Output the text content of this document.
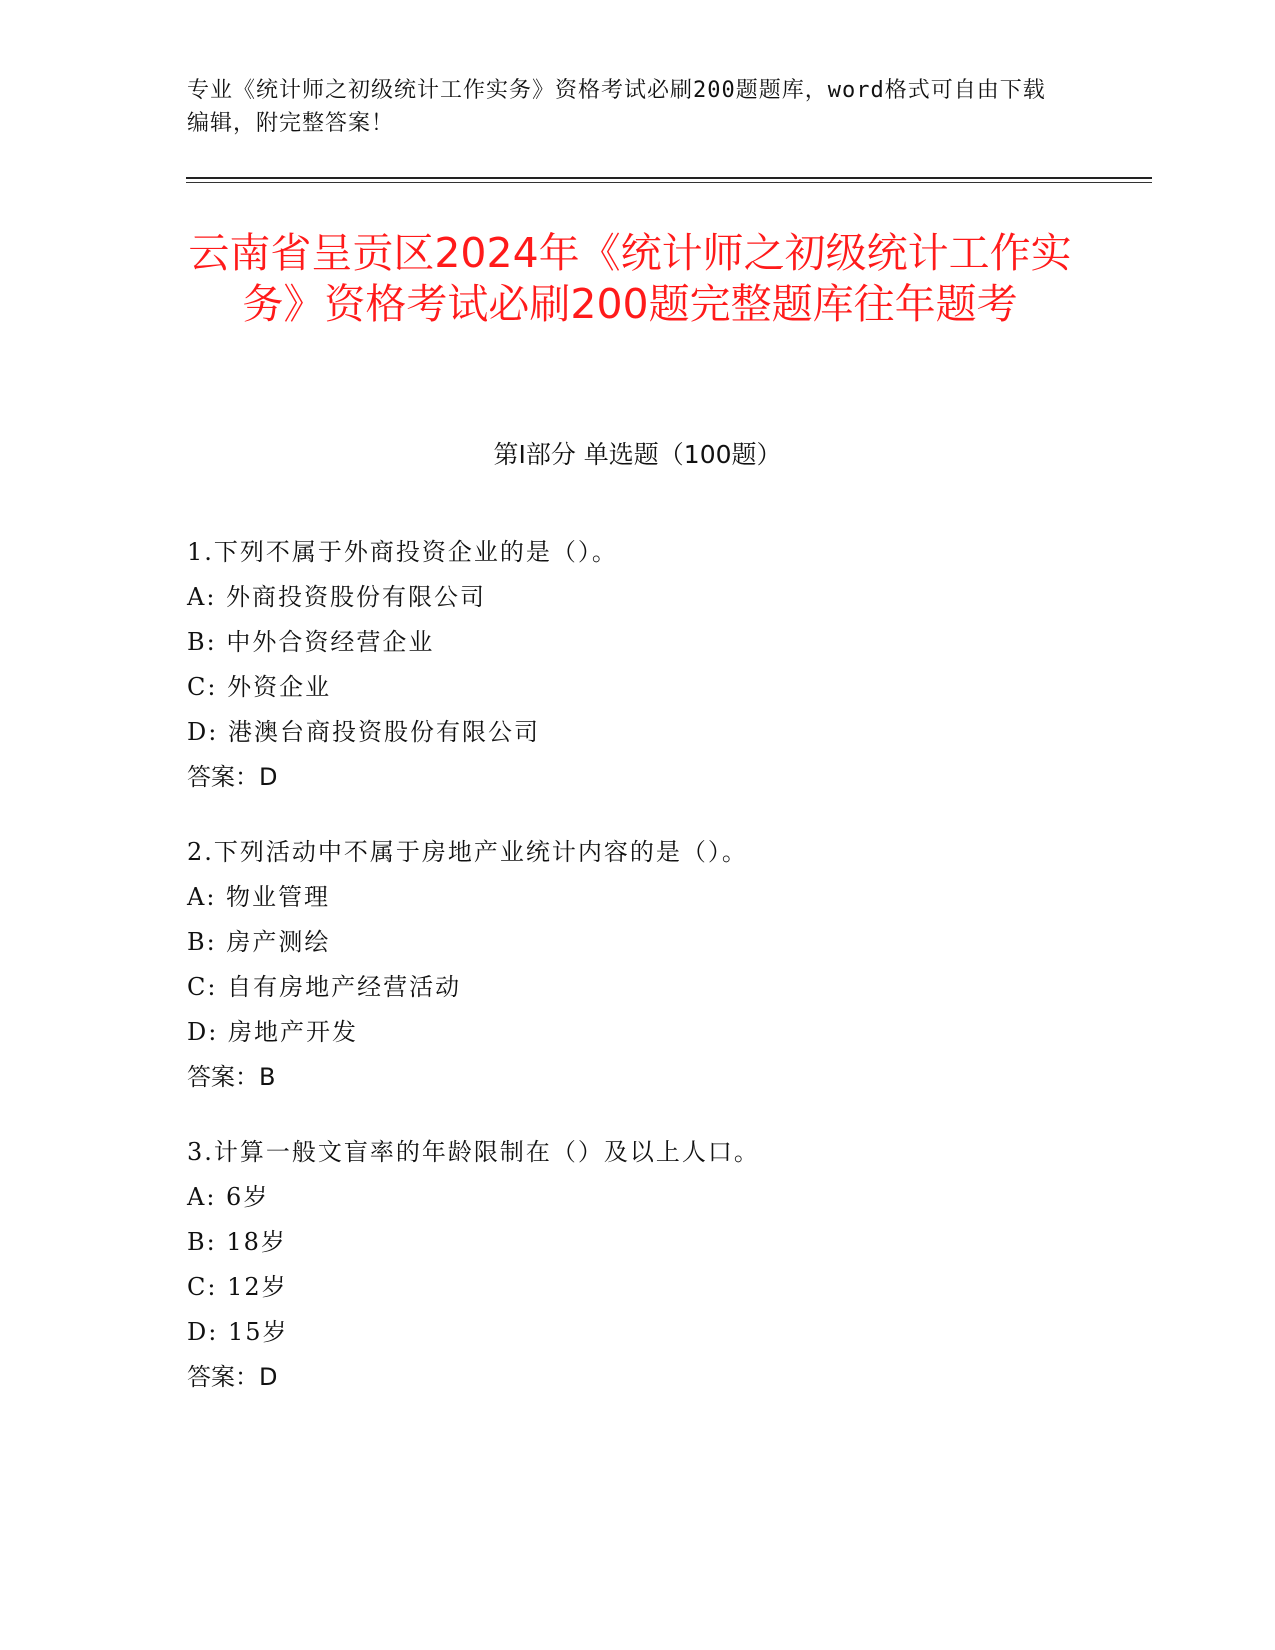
专业《统计师之初级统计工作实务》资格考试必刷200题题库，word格式可自由下载编辑，附完整答案！
云南省呈贡区2024年《统计师之初级统计工作实务》资格考试必刷200题完整题库往年题考
第I部分 单选题（100题）
1.下列不属于外商投资企业的是（）。
A: 外商投资股份有限公司
B: 中外合资经营企业
C: 外资企业
D: 港澳台商投资股份有限公司
答案：D
2.下列活动中不属于房地产业统计内容的是（）。
A: 物业管理
B: 房产测绘
C: 自有房地产经营活动
D: 房地产开发
答案：B
3.计算一般文盲率的年龄限制在（）及以上人口。
A: 6岁
B: 18岁
C: 12岁
D: 15岁
答案：D
